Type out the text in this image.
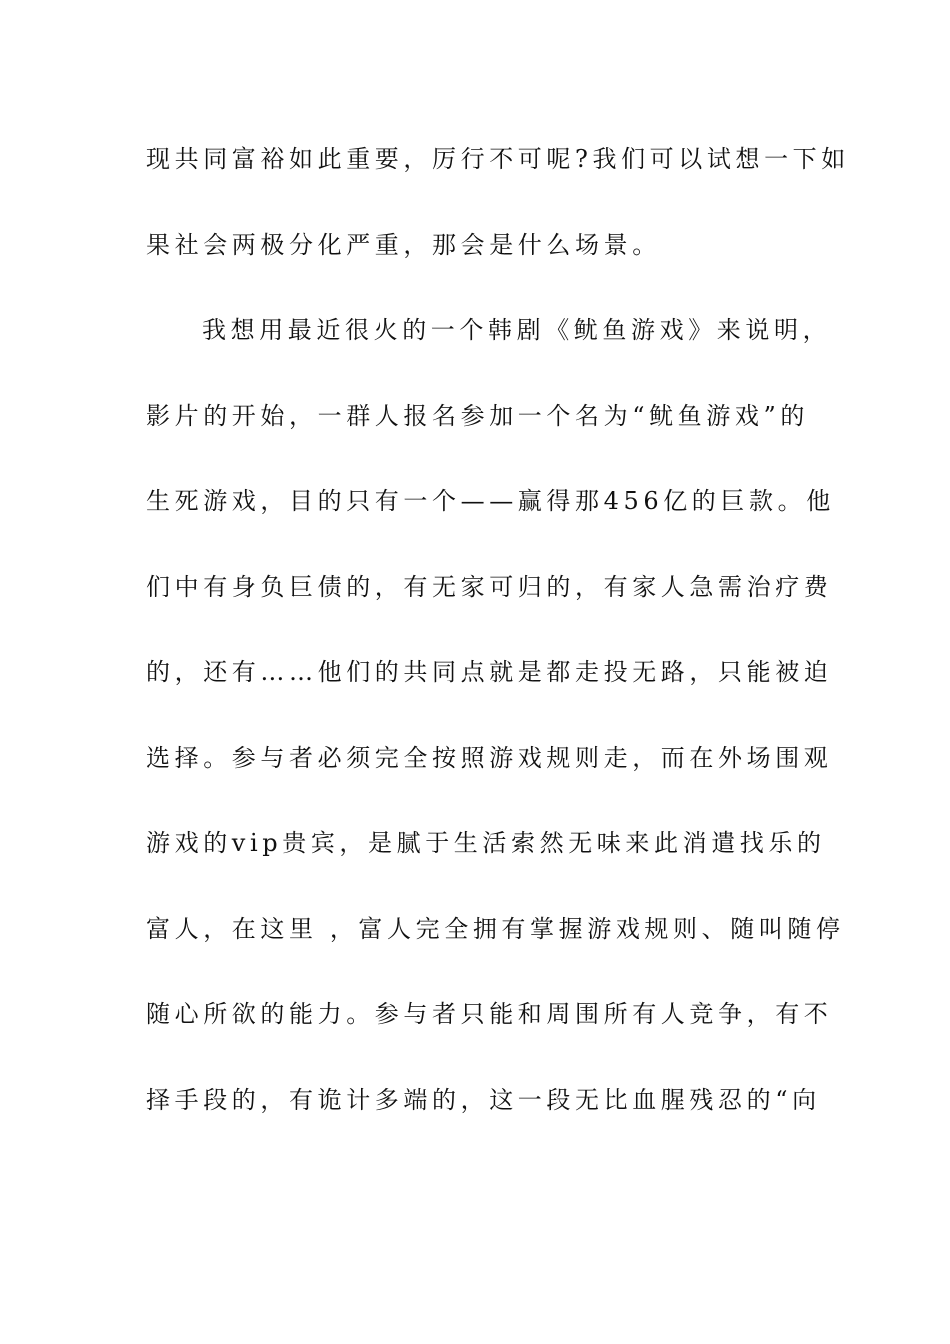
现共同富裕如此重要，厉行不可呢?我们可以试想一下如
果社会两极分化严重，那会是什么场景。
我想用最近很火的一个韩剧《鱿鱼游戏》来说明，
影片的开始，一群人报名参加一个名为“鱿鱼游戏”的
生死游戏，目的只有一个——赢得那456亿的巨款。他
们中有身负巨债的，有无家可归的，有家人急需治疗费
的，还有……他们的共同点就是都走投无路，只能被迫
选择。参与者必须完全按照游戏规则走，而在外场围观
游戏的vip贵宾，是腻于生活索然无味来此消遣找乐的
富人，在这里 ，富人完全拥有掌握游戏规则、随叫随停
随心所欲的能力。参与者只能和周围所有人竞争，有不
择手段的，有诡计多端的，这一段无比血腥残忍的“向
